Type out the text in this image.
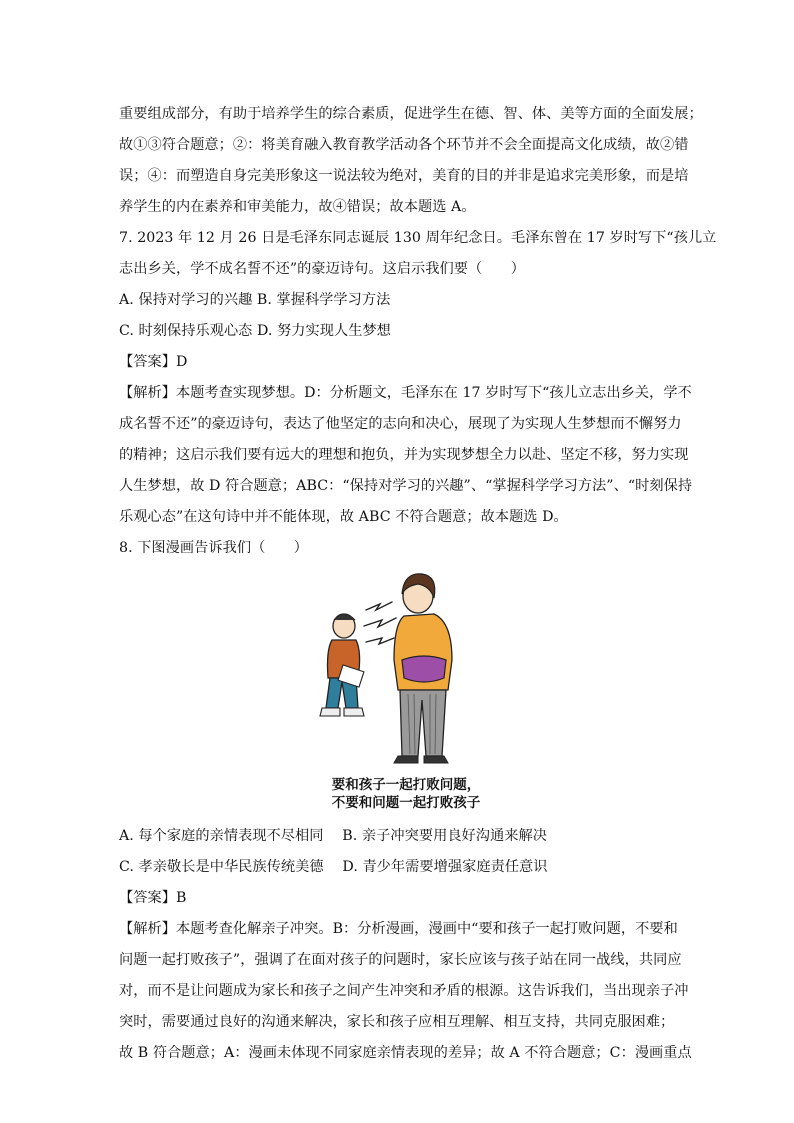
重要组成部分，有助于培养学生的综合素质，促进学生在德、智、体、美等方面的全面发展；
故①③符合题意；②：将美育融入教育教学活动各个环节并不会全面提高文化成绩，故②错
误；④：而塑造自身完美形象这一说法较为绝对，美育的目的并非是追求完美形象，而是培
养学生的内在素养和审美能力，故④错误；故本题选 A。
7. 2023 年 12 月 26 日是毛泽东同志诞辰 130 周年纪念日。毛泽东曾在 17 岁时写下“孩儿立
志出乡关，学不成名誓不还”的豪迈诗句。这启示我们要（　　）
A. 保持对学习的兴趣 B. 掌握科学学习方法
C. 时刻保持乐观心态 D. 努力实现人生梦想
【答案】D
【解析】本题考查实现梦想。D：分析题文，毛泽东在 17 岁时写下“孩儿立志出乡关，学不
成名誓不还”的豪迈诗句，表达了他坚定的志向和决心，展现了为实现人生梦想而不懈努力
的精神；这启示我们要有远大的理想和抱负，并为实现梦想全力以赴、坚定不移，努力实现
人生梦想，故 D 符合题意；ABC：“保持对学习的兴趣”、“掌握科学学习方法”、“时刻保持
乐观心态”在这句诗中并不能体现，故 ABC 不符合题意；故本题选 D。
8. 下图漫画告诉我们（　　）
要和孩子一起打败问题，
不要和问题一起打败孩子
A. 每个家庭的亲情表现不尽相同　 B. 亲子冲突要用良好沟通来解决
C. 孝亲敬长是中华民族传统美德　 D. 青少年需要增强家庭责任意识
【答案】B
【解析】本题考查化解亲子冲突。B：分析漫画，漫画中“要和孩子一起打败问题，不要和
问题一起打败孩子”，强调了在面对孩子的问题时，家长应该与孩子站在同一战线，共同应
对，而不是让问题成为家长和孩子之间产生冲突和矛盾的根源。这告诉我们，当出现亲子冲
突时，需要通过良好的沟通来解决，家长和孩子应相互理解、相互支持，共同克服困难；
故 B 符合题意；A：漫画未体现不同家庭亲情表现的差异；故 A 不符合题意；C：漫画重点
